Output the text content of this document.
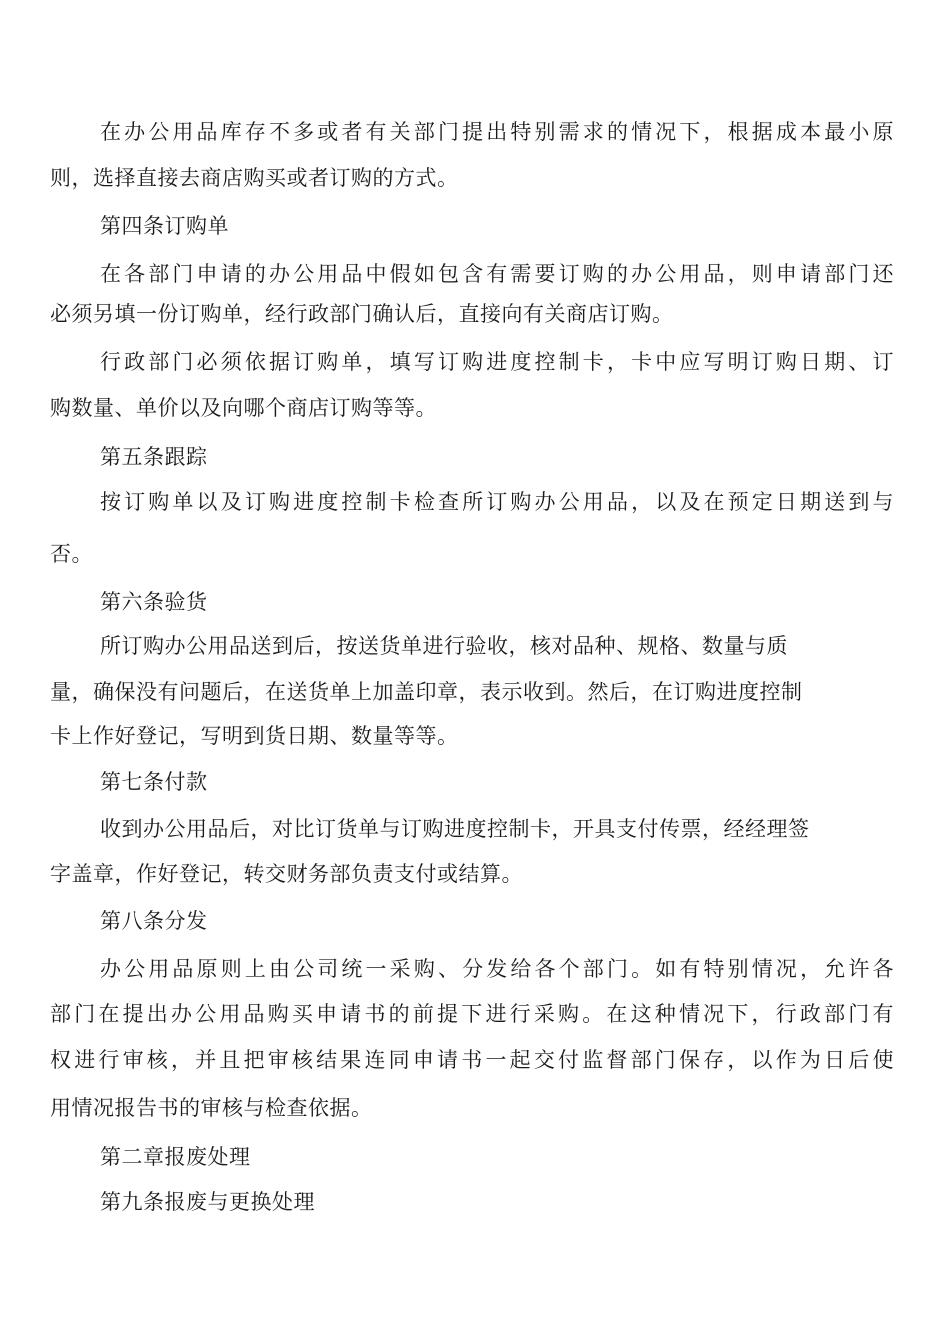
在办公用品库存不多或者有关部门提出特别需求的情况下，根据成本最小原
则，选择直接去商店购买或者订购的方式。
第四条订购单
在各部门申请的办公用品中假如包含有需要订购的办公用品，则申请部门还
必须另填一份订购单，经行政部门确认后，直接向有关商店订购。
行政部门必须依据订购单，填写订购进度控制卡，卡中应写明订购日期、订
购数量、单价以及向哪个商店订购等等。
第五条跟踪
按订购单以及订购进度控制卡检查所订购办公用品，以及在预定日期送到与
否。
第六条验货
所订购办公用品送到后，按送货单进行验收，核对品种、规格、数量与质
量，确保没有问题后，在送货单上加盖印章，表示收到。然后，在订购进度控制
卡上作好登记，写明到货日期、数量等等。
第七条付款
收到办公用品后，对比订货单与订购进度控制卡，开具支付传票，经经理签
字盖章，作好登记，转交财务部负责支付或结算。
第八条分发
办公用品原则上由公司统一采购、分发给各个部门。如有特别情况，允许各
部门在提出办公用品购买申请书的前提下进行采购。在这种情况下，行政部门有
权进行审核，并且把审核结果连同申请书一起交付监督部门保存，以作为日后使
用情况报告书的审核与检查依据。
第二章报废处理
第九条报废与更换处理
